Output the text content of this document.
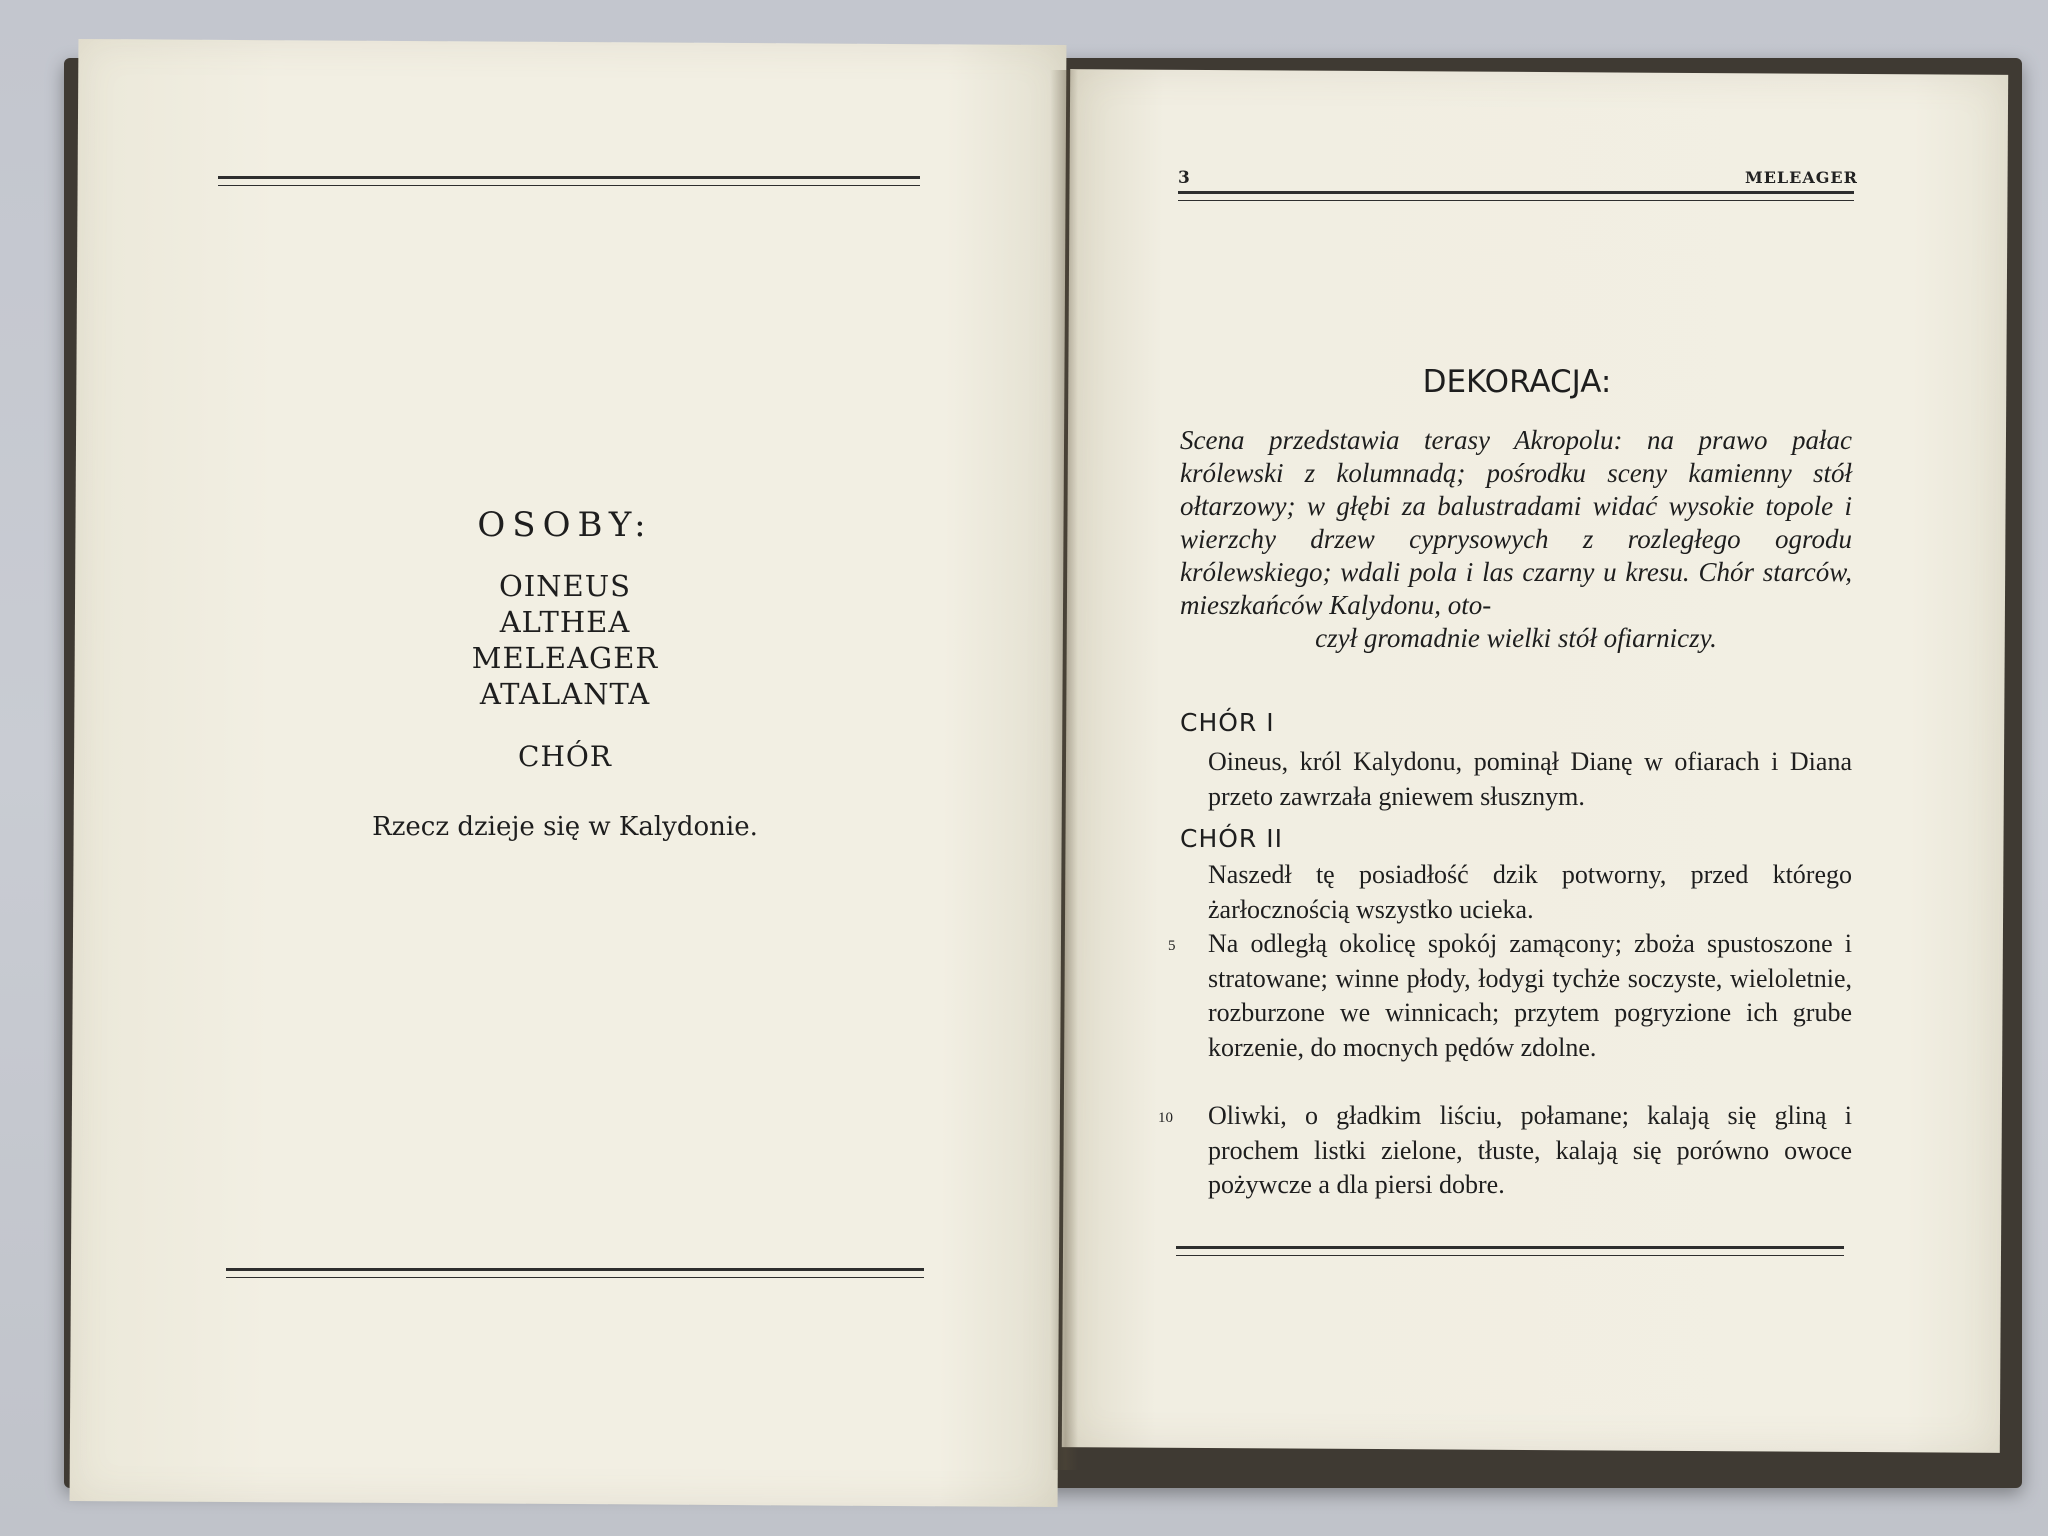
OSOBY:
OINEUS
ALTHEA
MELEAGER
ATALANTA
CHÓR
Rzecz dzieje się w Kalydonie.
3	MELEAGER
DEKORACJA:

Scena przedstawia terasy Akropolu: na prawo pałac królewski z kolumnadą; pośrodku sceny kamienny stół ołtarzowy; w głębi za balustradami widać wysokie topole i wierzchy drzew cyprysowych z rozległego ogrodu królewskiego; wdali pola i las czarny u kresu. Chór starców, mieszkańców Kalydonu, oto-
czył gromadnie wielki stół ofiarniczy.

CHÓR I

Oineus, król Kalydonu, pominął Dianę w ofiarach i Diana przeto zawrzała gniewem słusznym.

CHÓR II

Naszedł tę posiadłość dzik potworny, przed którego żarłocznością wszystko ucieka.

Na odległą okolicę spokój zamącony; zboża spustoszone i stratowane; winne płody, łodygi tychże soczyste, wieloletnie, rozburzone we winnicach; przytem pogryzione ich grube korzenie, do mocnych pędów zdolne.

Oliwki, o gładkim liściu, połamane; kalają się gliną i prochem listki zielone, tłuste, kalają się porówno owoce pożywcze a dla piersi dobre.

5
10
